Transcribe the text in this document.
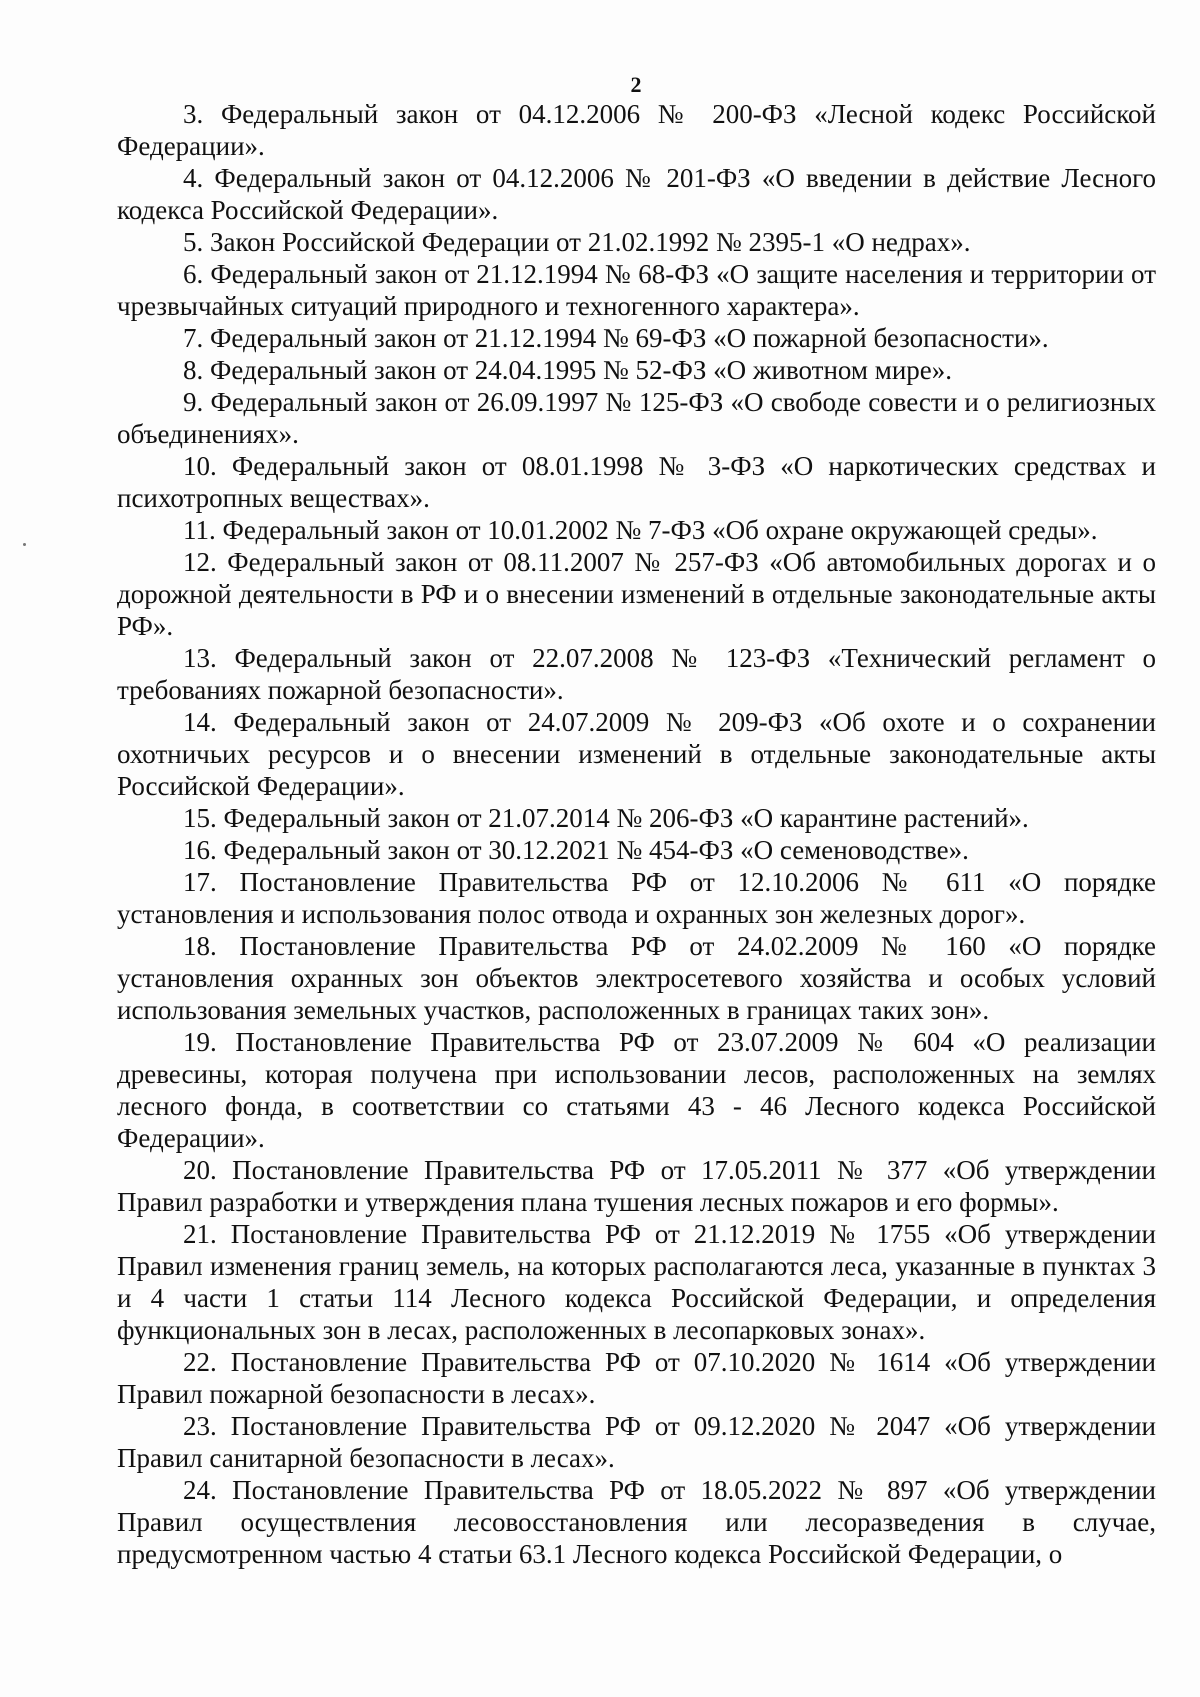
2

3. Федеральный закон от 04.12.2006 № 200-ФЗ «Лесной кодекс Российской Федерации».

4. Федеральный закон от 04.12.2006 № 201-ФЗ «О введении в действие Лесного кодекса Российской Федерации».

5. Закон Российской Федерации от 21.02.1992 № 2395-1 «О недрах».

6. Федеральный закон от 21.12.1994 № 68-ФЗ «О защите населения и территории от чрезвычайных ситуаций природного и техногенного характера».

7. Федеральный закон от 21.12.1994 № 69-ФЗ «О пожарной безопасности».

8. Федеральный закон от 24.04.1995 № 52-ФЗ «О животном мире».

9. Федеральный закон от 26.09.1997 № 125-ФЗ «О свободе совести и о религиозных объединениях».

10. Федеральный закон от 08.01.1998 № 3-ФЗ «О наркотических средствах и психотропных веществах».

11. Федеральный закон от 10.01.2002 № 7-ФЗ «Об охране окружающей среды».

12. Федеральный закон от 08.11.2007 № 257-ФЗ «Об автомобильных дорогах и о дорожной деятельности в РФ и о внесении изменений в отдельные законодательные акты РФ».

13. Федеральный закон от 22.07.2008 № 123-ФЗ «Технический регламент о требованиях пожарной безопасности».

14. Федеральный закон от 24.07.2009 № 209-ФЗ «Об охоте и о сохранении охотничьих ресурсов и о внесении изменений в отдельные законодательные акты Российской Федерации».

15. Федеральный закон от 21.07.2014 № 206-ФЗ «О карантине растений».

16. Федеральный закон от 30.12.2021 № 454-ФЗ «О семеноводстве».

17. Постановление Правительства РФ от 12.10.2006 № 611 «О порядке установления и использования полос отвода и охранных зон железных дорог».

18. Постановление Правительства РФ от 24.02.2009 № 160 «О порядке установления охранных зон объектов электросетевого хозяйства и особых условий использования земельных участков, расположенных в границах таких зон».

19. Постановление Правительства РФ от 23.07.2009 № 604 «О реализации древесины, которая получена при использовании лесов, расположенных на землях лесного фонда, в соответствии со статьями 43 - 46 Лесного кодекса Российской Федерации».

20. Постановление Правительства РФ от 17.05.2011 № 377 «Об утверждении Правил разработки и утверждения плана тушения лесных пожаров и его формы».

21. Постановление Правительства РФ от 21.12.2019 № 1755 «Об утверждении Правил изменения границ земель, на которых располагаются леса, указанные в пунктах 3 и 4 части 1 статьи 114 Лесного кодекса Российской Федерации, и определения функциональных зон в лесах, расположенных в лесопарковых зонах».

22. Постановление Правительства РФ от 07.10.2020 № 1614 «Об утверждении Правил пожарной безопасности в лесах».

23. Постановление Правительства РФ от 09.12.2020 № 2047 «Об утверждении Правил санитарной безопасности в лесах».

24. Постановление Правительства РФ от 18.05.2022 № 897 «Об утверждении Правил осуществления лесовосстановления или лесоразведения в случае, предусмотренном частью 4 статьи 63.1 Лесного кодекса Российской Федерации, о
